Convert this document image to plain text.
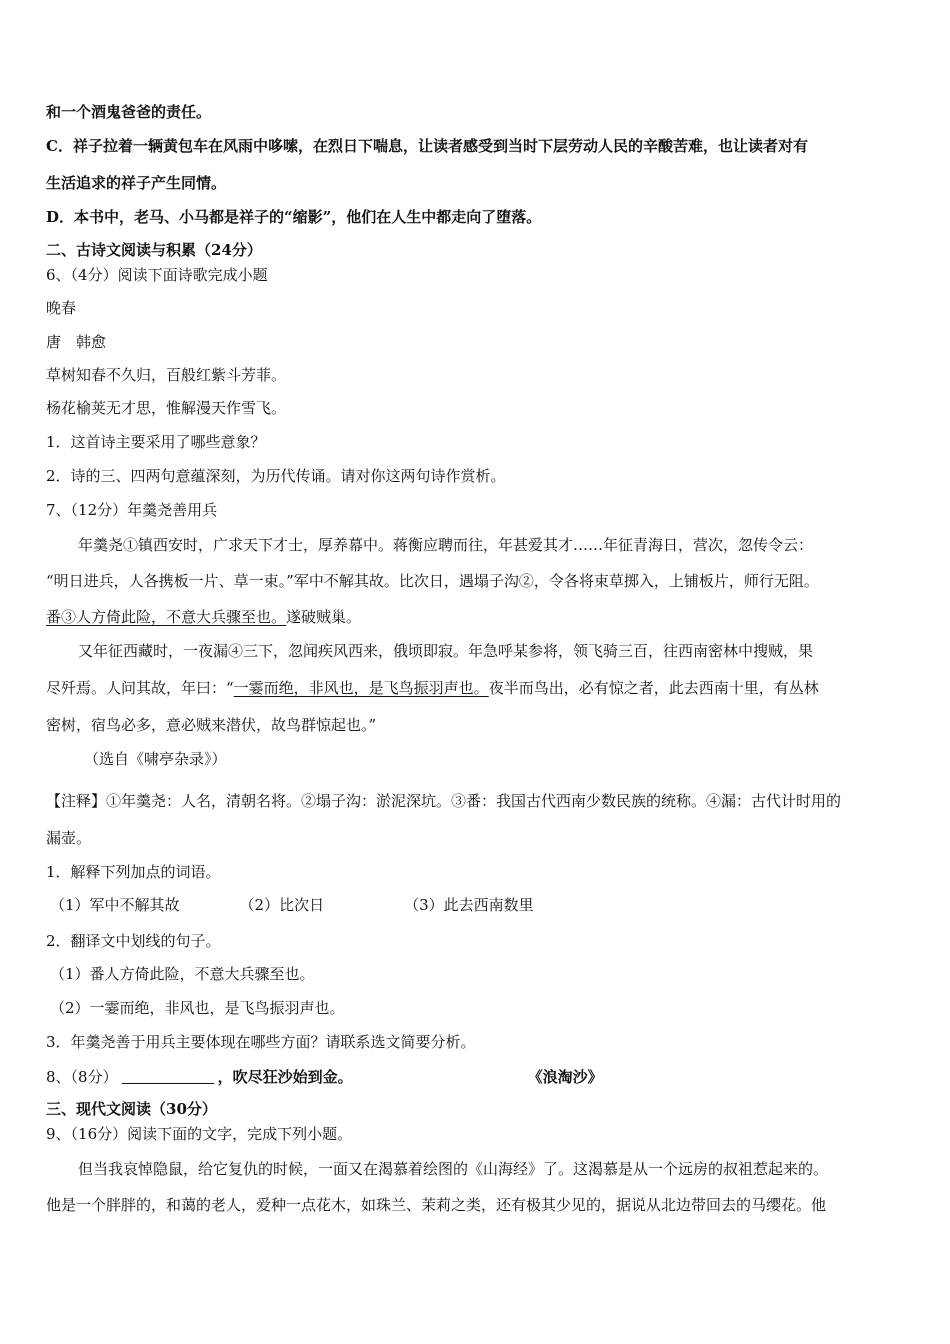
和一个酒鬼爸爸的责任。
C．祥子拉着一辆黄包车在风雨中哆嗦，在烈日下喘息，让读者感受到当时下层劳动人民的辛酸苦难，也让读者对有
生活追求的祥子产生同情。
D．本书中，老马、小马都是祥子的“缩影”，他们在人生中都走向了堕落。
二、古诗文阅读与积累（24分）
6、（4分）阅读下面诗歌完成小题
晚春
唐　韩愈
草树知春不久归，百般红紫斗芳菲。
杨花榆荚无才思，惟解漫天作雪飞。
1．这首诗主要采用了哪些意象？
2．诗的三、四两句意蕴深刻，为历代传诵。请对你这两句诗作赏析。
7、（12分）年羹尧善用兵
年羹尧①镇西安时，广求天下才士，厚养幕中。蒋衡应聘而往，年甚爱其才……年征青海日，营次，忽传令云：
“明日进兵，人各携板一片、草一束。”军中不解其故。比次日，遇塌子沟②，令各将束草掷入，上铺板片，师行无阻。
番③人方倚此险，不意大兵骤至也。遂破贼巢。
又年征西藏时，一夜漏④三下，忽闻疾风西来，俄顷即寂。年急呼某参将，领飞骑三百，往西南密林中搜贼，果
尽歼焉。人问其故，年曰：“一霎而绝，非风也，是飞鸟振羽声也。夜半而鸟出，必有惊之者，此去西南十里，有丛林
密树，宿鸟必多，意必贼来潜伏，故鸟群惊起也。”
（选自《啸亭杂录》）
【注释】①年羹尧：人名，清朝名将。②塌子沟：淤泥深坑。③番：我国古代西南少数民族的统称。④漏：古代计时用的
漏壶。
1．解释下列加点的词语。
（1）军中不解其故	（2）比次日	（3）此去西南数里
2．翻译文中划线的句子。
（1）番人方倚此险，不意大兵骤至也。
（2）一霎而绝，非风也，是飞鸟振羽声也。
3．年羹尧善于用兵主要体现在哪些方面？请联系选文简要分析。
8、（8分）	，吹尽狂沙始到金。	《浪淘沙》
三、现代文阅读（30分）
9、（16分）阅读下面的文字，完成下列小题。
但当我哀悼隐鼠，给它复仇的时候，一面又在渴慕着绘图的《山海经》了。这渴慕是从一个远房的叔祖惹起来的。
他是一个胖胖的，和蔼的老人，爱种一点花木，如珠兰、茉莉之类，还有极其少见的，据说从北边带回去的马缨花。他
